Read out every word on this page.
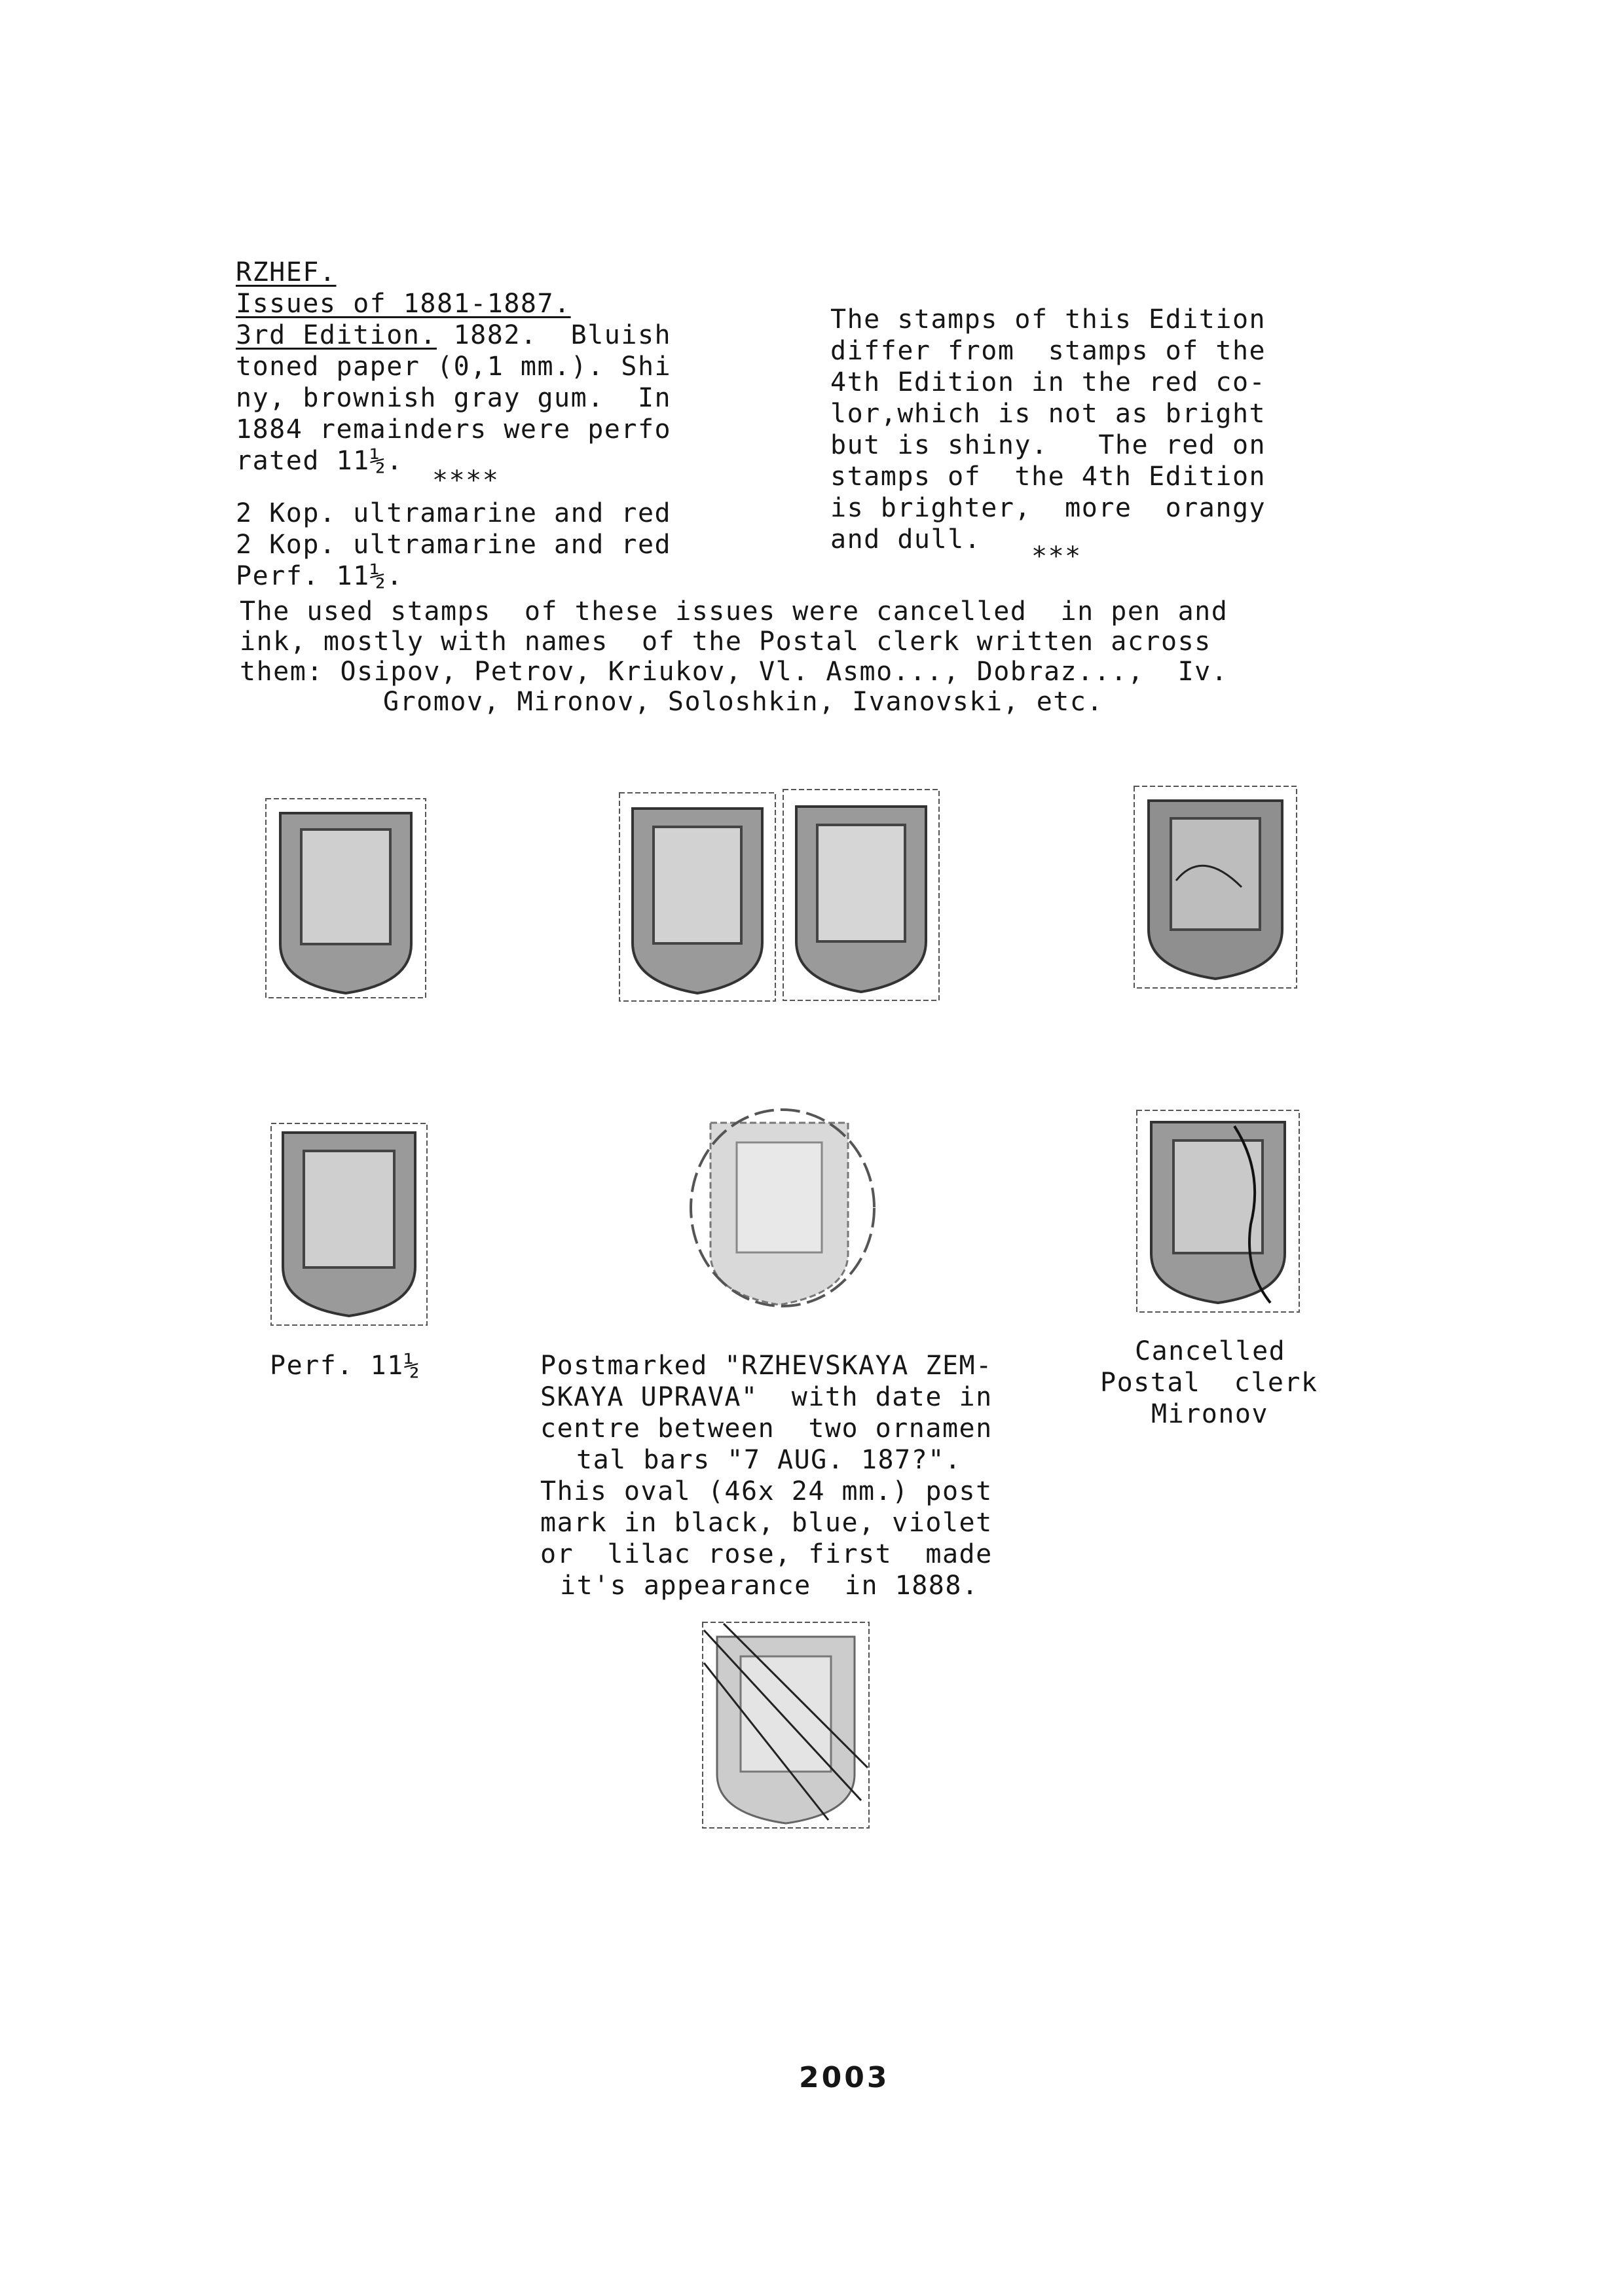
RZHEF.
Issues of 1881-1887.
3rd Edition. 1882.  Bluish
toned paper (0,1 mm.). Shi
ny, brownish gray gum.  In
1884 remainders were perfo
rated 11½.
****
2 Kop. ultramarine and red
2 Kop. ultramarine and red
Perf. 11½.
The stamps of this Edition
differ from  stamps of the
4th Edition in the red co-
lor,which is not as bright
but is shiny.   The red on
stamps of  the 4th Edition
is brighter,  more  orangy
and dull.
***
The used stamps  of these issues were cancelled  in pen and
ink, mostly with names  of the Postal clerk written across
them: Osipov, Petrov, Kriukov, Vl. Asmo..., Dobraz...,  Iv.
Gromov, Mironov, Soloshkin, Ivanovski, etc.
Perf. 11½	Postmarked "RZHEVSKAYA ZEM-
SKAYA UPRAVA"  with date in
centre between  two ornamen
tal bars "7 AUG. 187?".
This oval (46x 24 mm.) post
mark in black, blue, violet
or  lilac rose, first  made
it's appearance  in 1888.
Cancelled
Postal  clerk
Mironov
2003
